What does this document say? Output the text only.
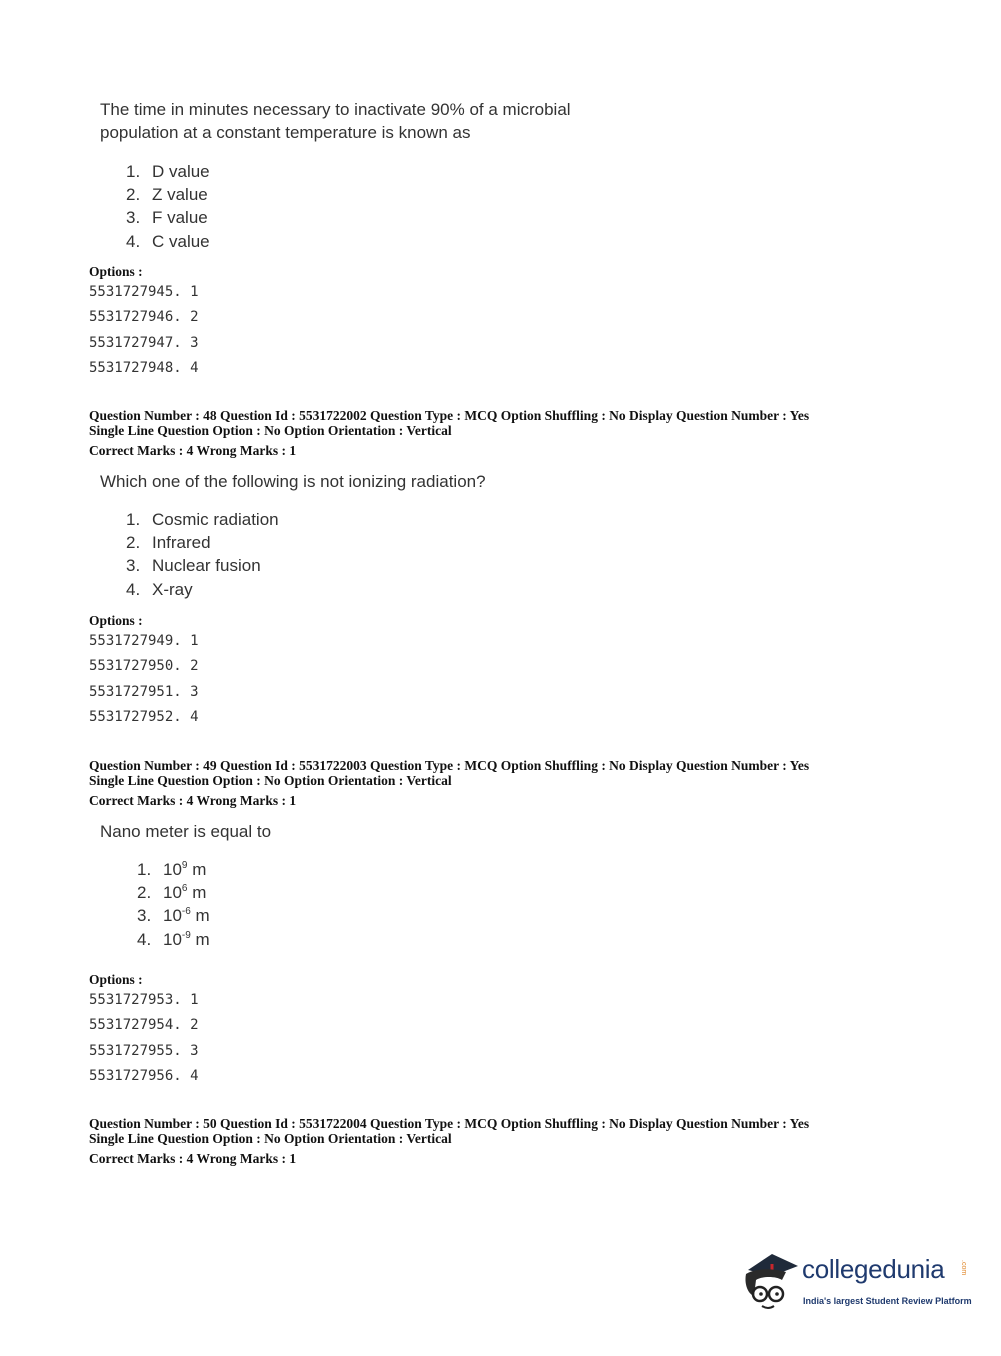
The time in minutes necessary to inactivate 90% of a microbial
population at a constant temperature is known as
1. D value
2. Z value
3. F value
4. C value
Options :
5531727945. 1
5531727946. 2
5531727947. 3
5531727948. 4
Question Number : 48 Question Id : 5531722002 Question Type : MCQ Option Shuffling : No Display Question Number : Yes
Single Line Question Option : No Option Orientation : Vertical
Correct Marks : 4 Wrong Marks : 1
Which one of the following is not ionizing radiation?
1. Cosmic radiation
2. Infrared
3. Nuclear fusion
4. X-ray
Options :
5531727949. 1
5531727950. 2
5531727951. 3
5531727952. 4
Question Number : 49 Question Id : 5531722003 Question Type : MCQ Option Shuffling : No Display Question Number : Yes
Single Line Question Option : No Option Orientation : Vertical
Correct Marks : 4 Wrong Marks : 1
Nano meter is equal to
1. $10^9$ m
2. $10^6$ m
3. $10^{-6}$ m
4. $10^{-9}$ m
Options :
5531727953. 1
5531727954. 2
5531727955. 3
5531727956. 4
Question Number : 50 Question Id : 5531722004 Question Type : MCQ Option Shuffling : No Display Question Number : Yes
Single Line Question Option : No Option Orientation : Vertical
Correct Marks : 4 Wrong Marks : 1
collegedunia .com
India's largest Student Review Platform
